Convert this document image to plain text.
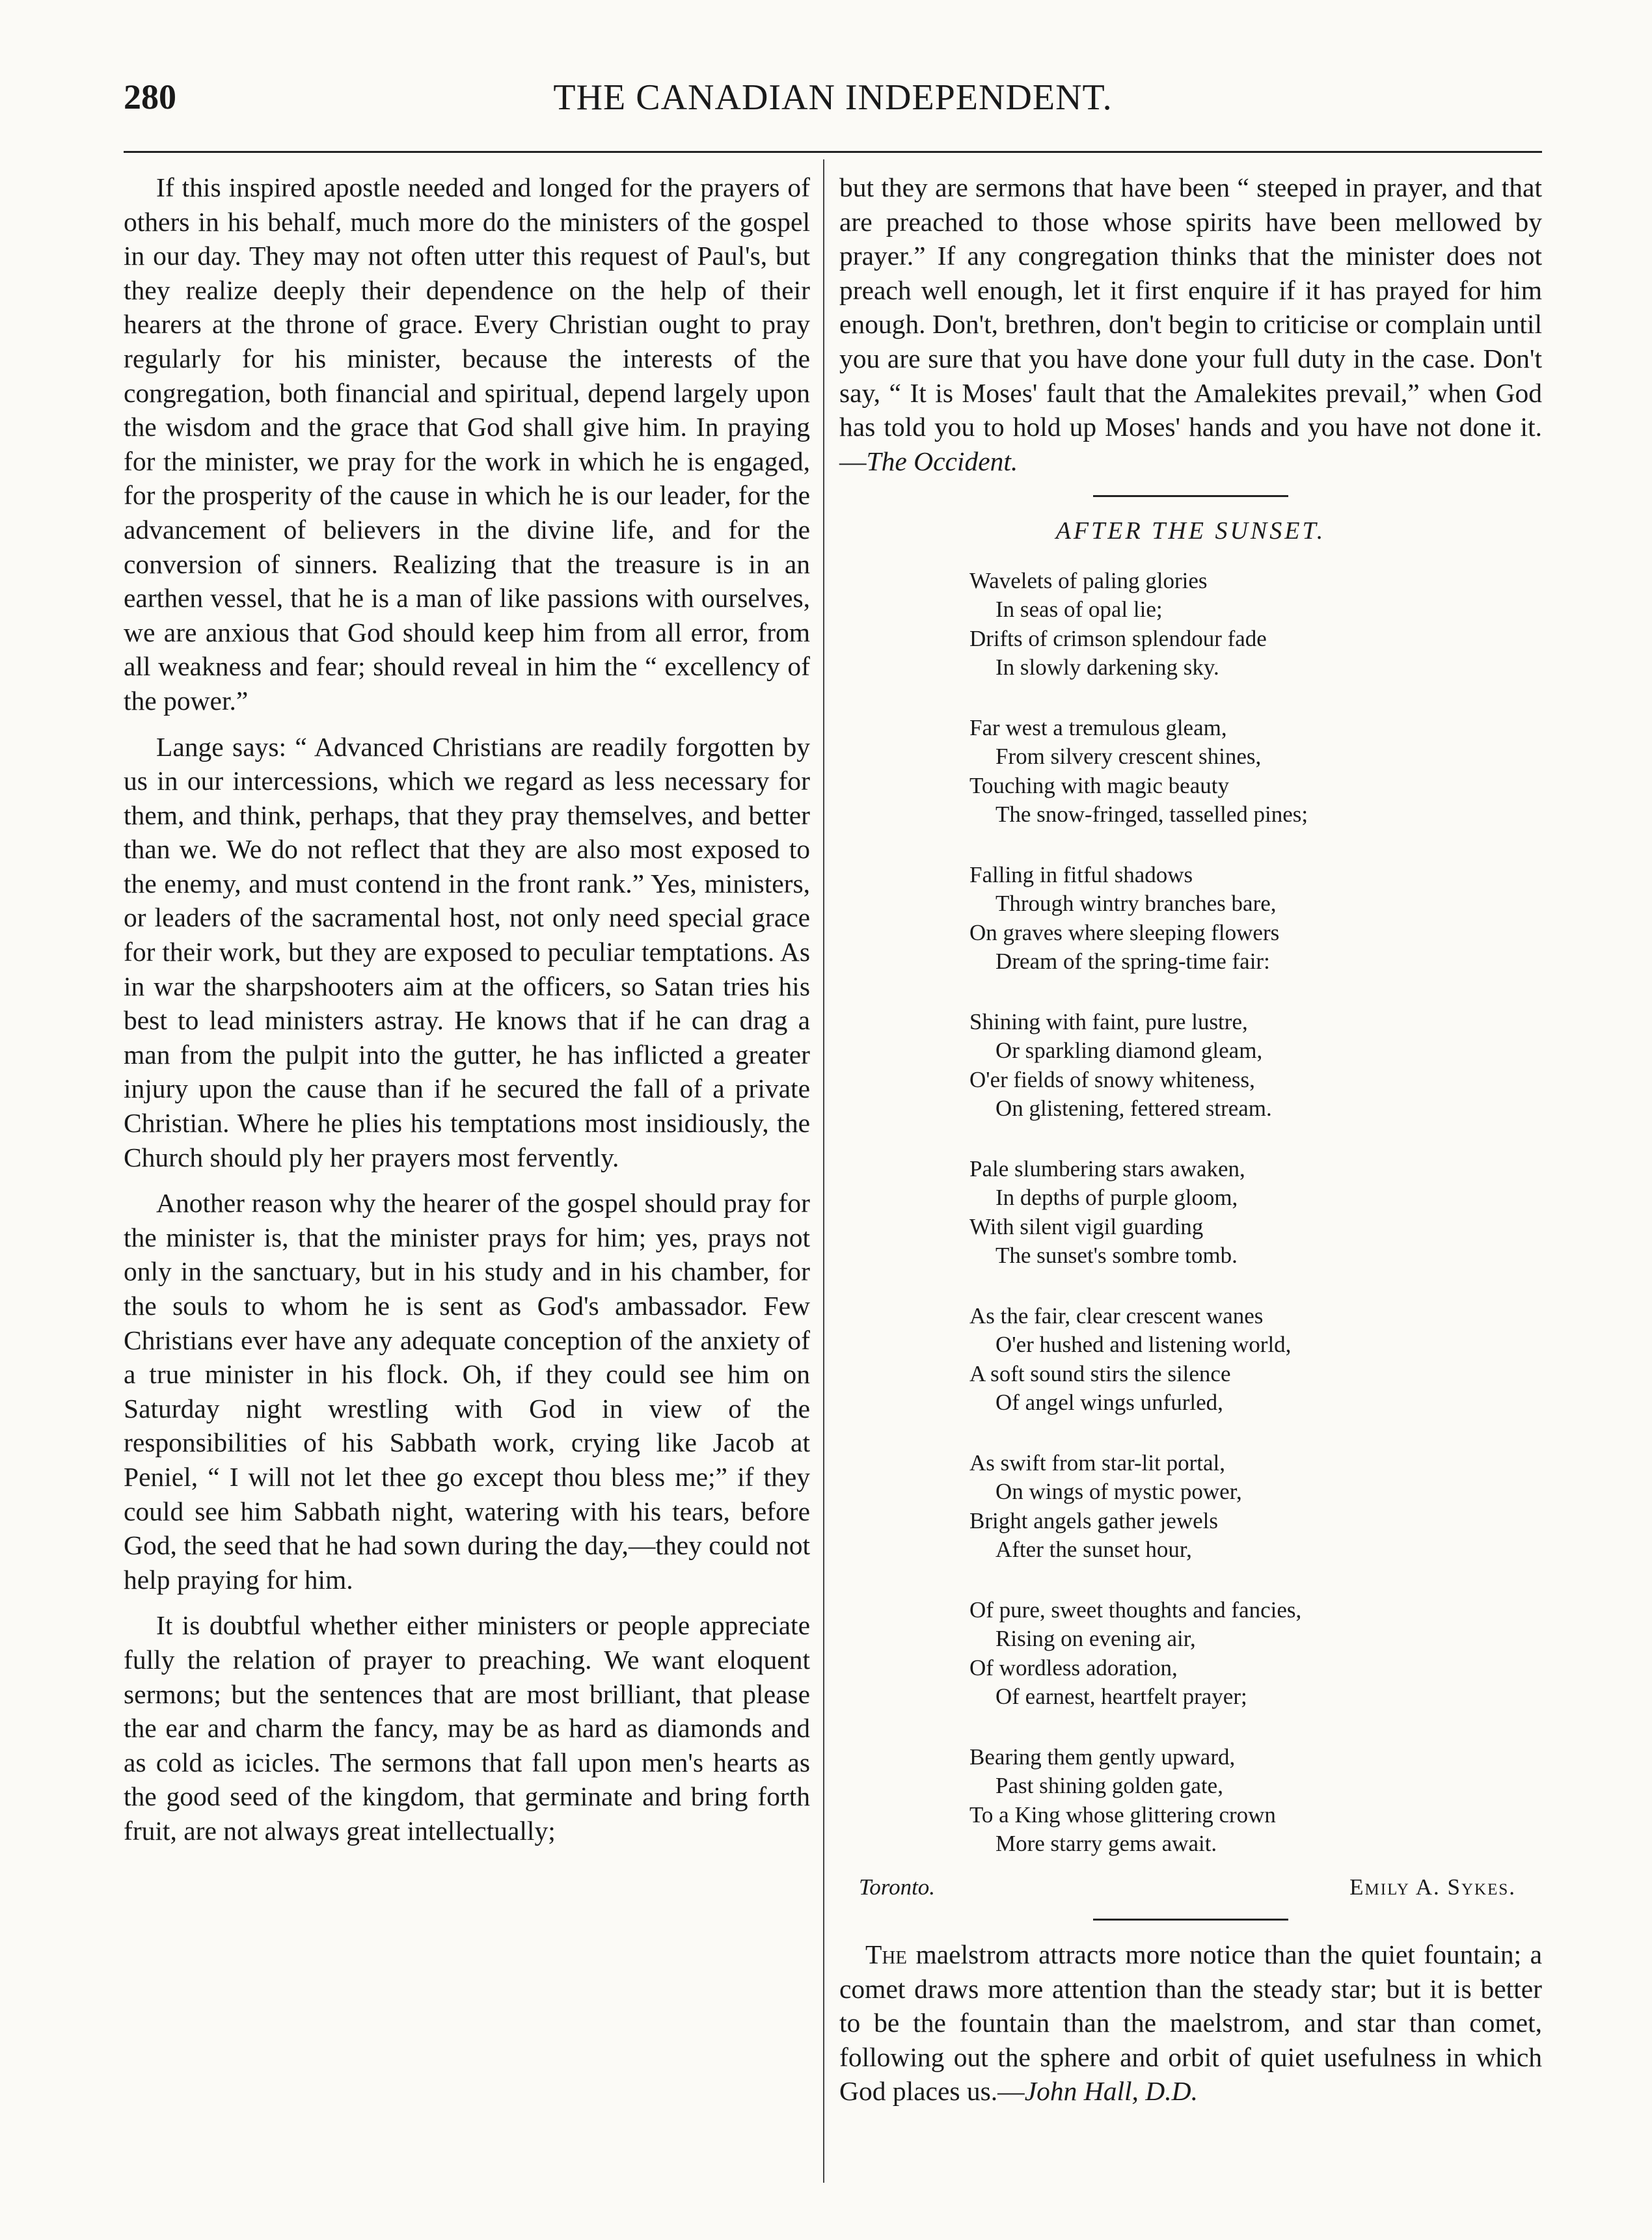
280	THE CANADIAN INDEPENDENT.

If this inspired apostle needed and longed for the prayers of others in his behalf, much more do the ministers of the gospel in our day. They may not often utter this request of Paul's, but they realize deeply their dependence on the help of their hearers at the throne of grace. Every Christian ought to pray regularly for his minister, because the interests of the congregation, both financial and spiritual, depend largely upon the wisdom and the grace that God shall give him. In praying for the minister, we pray for the work in which he is engaged, for the prosperity of the cause in which he is our leader, for the advancement of believers in the divine life, and for the conversion of sinners. Realizing that the treasure is in an earthen vessel, that he is a man of like passions with ourselves, we are anxious that God should keep him from all error, from all weakness and fear; should reveal in him the “ excellency of the power.”

Lange says: “ Advanced Christians are readily forgotten by us in our intercessions, which we regard as less necessary for them, and think, perhaps, that they pray themselves, and better than we. We do not reflect that they are also most exposed to the enemy, and must contend in the front rank.” Yes, ministers, or leaders of the sacramental host, not only need special grace for their work, but they are exposed to peculiar temptations. As in war the sharpshooters aim at the officers, so Satan tries his best to lead ministers astray. He knows that if he can drag a man from the pulpit into the gutter, he has inflicted a greater injury upon the cause than if he secured the fall of a private Christian. Where he plies his temptations most insidiously, the Church should ply her prayers most fervently.

Another reason why the hearer of the gospel should pray for the minister is, that the minister prays for him; yes, prays not only in the sanctuary, but in his study and in his chamber, for the souls to whom he is sent as God's ambassador. Few Christians ever have any adequate conception of the anxiety of a true minister in his flock. Oh, if they could see him on Saturday night wrestling with God in view of the responsibilities of his Sabbath work, crying like Jacob at Peniel, “ I will not let thee go except thou bless me;” if they could see him Sabbath night, watering with his tears, before God, the seed that he had sown during the day,—they could not help praying for him.

It is doubtful whether either ministers or people appreciate fully the relation of prayer to preaching. We want eloquent sermons; but the sentences that are most brilliant, that please the ear and charm the fancy, may be as hard as diamonds and as cold as icicles. The sermons that fall upon men's hearts as the good seed of the kingdom, that germinate and bring forth fruit, are not always great intellectually;

but they are sermons that have been “ steeped in prayer, and that are preached to those whose spirits have been mellowed by prayer.” If any congregation thinks that the minister does not preach well enough, let it first enquire if it has prayed for him enough. Don't, brethren, don't begin to criticise or complain until you are sure that you have done your full duty in the case. Don't say, “ It is Moses' fault that the Amalekites prevail,” when God has told you to hold up Moses' hands and you have not done it.—The Occident.

AFTER THE SUNSET.
Wavelets of paling glories
In seas of opal lie;
Drifts of crimson splendour fade
In slowly darkening sky.
Far west a tremulous gleam,
From silvery crescent shines,
Touching with magic beauty
The snow-fringed, tasselled pines;
Falling in fitful shadows
Through wintry branches bare,
On graves where sleeping flowers
Dream of the spring-time fair:
Shining with faint, pure lustre,
Or sparkling diamond gleam,
O'er fields of snowy whiteness,
On glistening, fettered stream.
Pale slumbering stars awaken,
In depths of purple gloom,
With silent vigil guarding
The sunset's sombre tomb.
As the fair, clear crescent wanes
O'er hushed and listening world,
A soft sound stirs the silence
Of angel wings unfurled,
As swift from star-lit portal,
On wings of mystic power,
Bright angels gather jewels
After the sunset hour,
Of pure, sweet thoughts and fancies,
Rising on evening air,
Of wordless adoration,
Of earnest, heartfelt prayer;
Bearing them gently upward,
Past shining golden gate,
To a King whose glittering crown
More starry gems await.
Toronto.	Emily A. Sykes.

The maelstrom attracts more notice than the quiet fountain; a comet draws more attention than the steady star; but it is better to be the fountain than the maelstrom, and star than comet, following out the sphere and orbit of quiet usefulness in which God places us.—John Hall, D.D.
